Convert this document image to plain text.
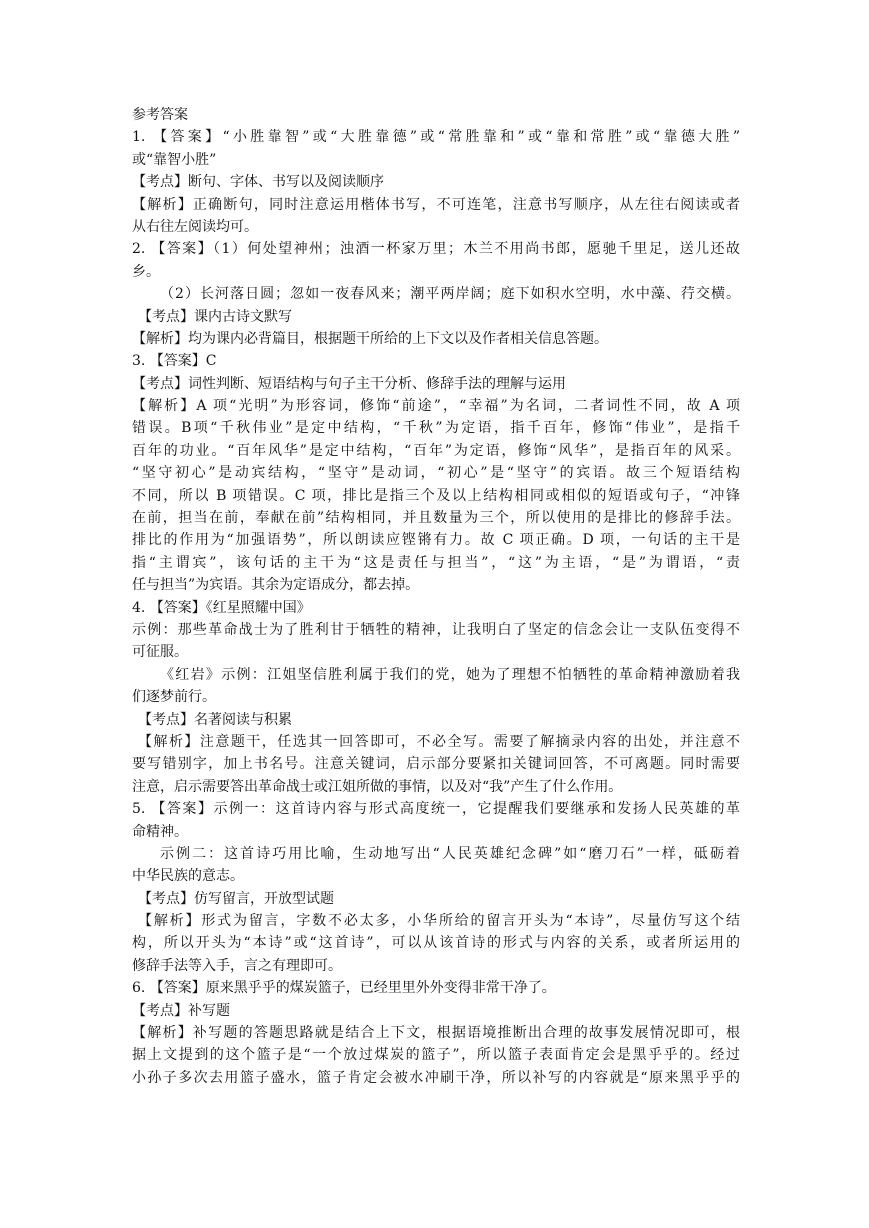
参考答案
1. 【答案】“小胜靠智”或“大胜靠德”或“常胜靠和”或“靠和常胜”或“靠德大胜”
或“靠智小胜”
【考点】断句、字体、书写以及阅读顺序
【解析】正确断句，同时注意运用楷体书写，不可连笔，注意书写顺序，从左往右阅读或者
从右往左阅读均可。
2. 【答案】（1）何处望神州；浊酒一杯家万里；木兰不用尚书郎，愿驰千里足，送儿还故
乡。
（2）长河落日圆；忽如一夜春风来；潮平两岸阔；庭下如积水空明，水中藻、荇交横。
【考点】课内古诗文默写
【解析】均为课内必背篇目，根据题干所给的上下文以及作者相关信息答题。
3. 【答案】C
【考点】词性判断、短语结构与句子主干分析、修辞手法的理解与运用
【解析】A 项“光明”为形容词，修饰“前途”，“幸福”为名词，二者词性不同，故 A 项
错误。B项“千秋伟业”是定中结构，“千秋”为定语，指千百年，修饰“伟业”，是指千
百年的功业。“百年风华”是定中结构，“百年”为定语，修饰“风华”，是指百年的风采。
“坚守初心”是动宾结构，“坚守”是动词，“初心”是“坚守”的宾语。故三个短语结构
不同，所以 B 项错误。C 项，排比是指三个及以上结构相同或相似的短语或句子，“冲锋
在前，担当在前，奉献在前”结构相同，并且数量为三个，所以使用的是排比的修辞手法。
排比的作用为“加强语势”，所以朗读应铿锵有力。故 C 项正确。D 项，一句话的主干是
指“主谓宾”，该句话的主干为“这是责任与担当”，“这”为主语，“是”为谓语，“责
任与担当”为宾语。其余为定语成分，都去掉。
4. 【答案】《红星照耀中国》
示例：那些革命战士为了胜利甘于牺牲的精神，让我明白了坚定的信念会让一支队伍变得不
可征服。
《红岩》示例：江姐坚信胜利属于我们的党，她为了理想不怕牺牲的革命精神激励着我
们逐梦前行。
【考点】名著阅读与积累
【解析】注意题干，任选其一回答即可，不必全写。需要了解摘录内容的出处，并注意不
要写错别字，加上书名号。注意关键词，启示部分要紧扣关键词回答，不可离题。同时需要
注意，启示需要答出革命战士或江姐所做的事情，以及对“我”产生了什么作用。
5. 【答案】示例一：这首诗内容与形式高度统一，它提醒我们要继承和发扬人民英雄的革
命精神。
示例二：这首诗巧用比喻，生动地写出“人民英雄纪念碑”如“磨刀石”一样，砥砺着
中华民族的意志。
【考点】仿写留言，开放型试题
【解析】形式为留言，字数不必太多，小华所给的留言开头为“本诗”，尽量仿写这个结
构，所以开头为“本诗”或“这首诗”，可以从该首诗的形式与内容的关系，或者所运用的
修辞手法等入手，言之有理即可。
6. 【答案】原来黑乎乎的煤炭篮子，已经里里外外变得非常干净了。
【考点】补写题
【解析】补写题的答题思路就是结合上下文，根据语境推断出合理的故事发展情况即可，根
据上文提到的这个篮子是“一个放过煤炭的篮子”，所以篮子表面肯定会是黑乎乎的。经过
小孙子多次去用篮子盛水，篮子肯定会被水冲刷干净，所以补写的内容就是“原来黑乎乎的
